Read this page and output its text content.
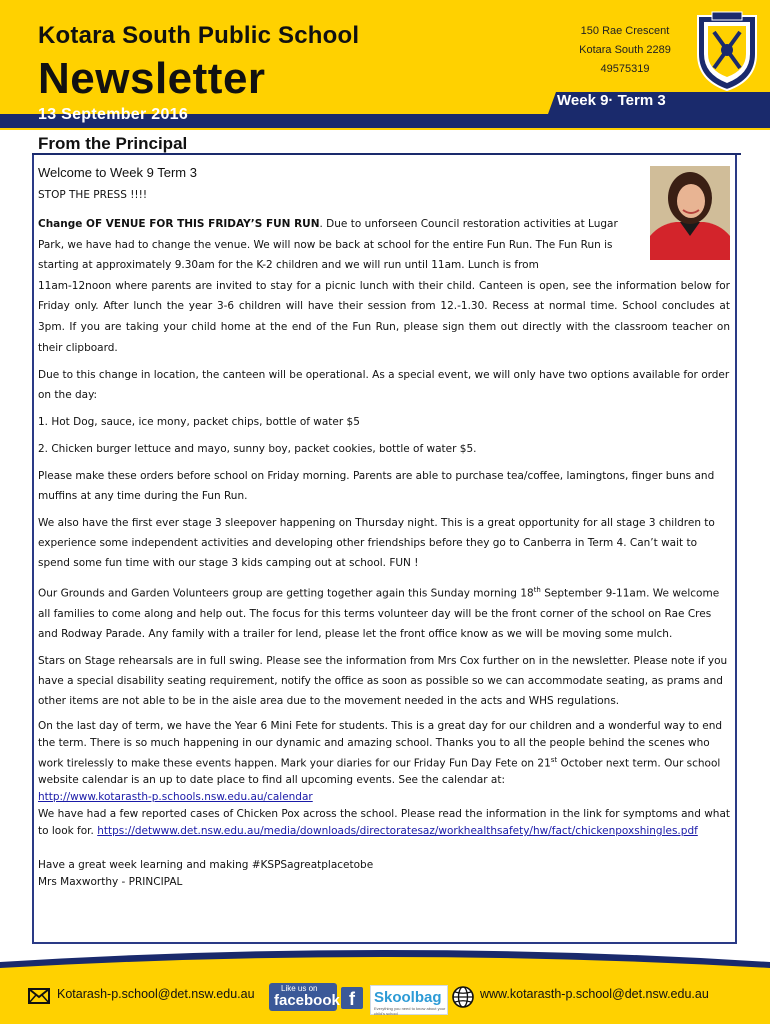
Kotara South Public School
Newsletter
150 Rae Crescent
Kotara South 2289
49575319
13 September 2016
Week 9· Term 3
From the Principal
Welcome to Week 9 Term 3

STOP THE PRESS !!!!

Change OF VENUE FOR THIS FRIDAY’S FUN RUN. Due to unforseen Council restoration activities at Lugar Park, we have had to change the venue. We will now be back at school for the entire Fun Run. The Fun Run is starting at approximately 9.30am for the K-2 children and we will run until 11am. Lunch is from

11am-12noon where parents are invited to stay for a picnic lunch with their child. Canteen is open, see the information below for Friday only. After lunch the year 3-6 children will have their session from 12.-1.30. Recess at normal time. School concludes at 3pm. If you are taking your child home at the end of the Fun Run, please sign them out directly with the classroom teacher on their clipboard.

Due to this change in location, the canteen will be operational. As a special event, we will only have two options available for order on the day:

1. Hot Dog, sauce, ice mony, packet chips, bottle of water $5

2. Chicken burger lettuce and mayo, sunny boy, packet cookies, bottle of water $5.

Please make these orders before school on Friday morning. Parents are able to purchase tea/coffee, lamingtons, finger buns and muffins at any time during the Fun Run.

We also have the first ever stage 3 sleepover happening on Thursday night. This is a great opportunity for all stage 3 children to experience some independent activities and developing other friendships before they go to Canberra in Term 4. Can’t wait to spend some fun time with our stage 3 kids camping out at school. FUN !

Our Grounds and Garden Volunteers group are getting together again this Sunday morning 18th September 9-11am. We welcome all families to come along and help out. The focus for this terms volunteer day will be the front corner of the school on Rae Cres and Rodway Parade. Any family with a trailer for lend, please let the front office know as we will be moving some mulch.

Stars on Stage rehearsals are in full swing. Please see the information from Mrs Cox further on in the newsletter. Please note if you have a special disability seating requirement, notify the office as soon as possible so we can accommodate seating, as prams and other items are not able to be in the aisle area due to the movement needed in the acts and WHS regulations.

On the last day of term, we have the Year 6 Mini Fete for students. This is a great day for our children and a wonderful way to end the term. There is so much happening in our dynamic and amazing school. Thanks you to all the people behind the scenes who work tirelessly to make these events happen. Mark your diaries for our Friday Fun Day Fete on 21st October next term. Our school website calendar is an up to date place to find all upcoming events. See the calendar at:
http://www.kotarasth-p.schools.nsw.edu.au/calendar

We have had a few reported cases of Chicken Pox across the school. Please read the information in the link for symptoms and what to look for. https://detwww.det.nsw.edu.au/media/downloads/directoratesaz/workhealthsafety/hw/fact/chickenpoxshingles.pdf

Have a great week learning and making #KSPSagreatplacetobe

Mrs Maxworthy - PRINCIPAL

Kotarash-p.school@det.nsw.edu.au	Like us on
facebook f	Skoolbag
Everything you need to know about your child's school
www.kotarasth-p.school@det.nsw.edu.au
